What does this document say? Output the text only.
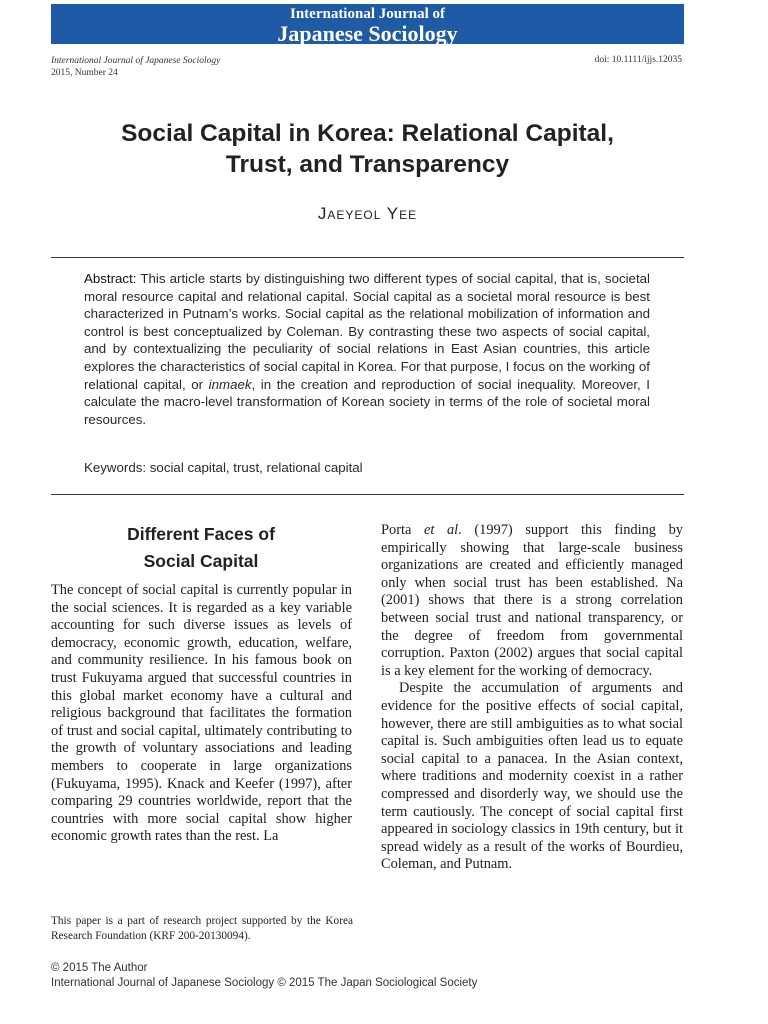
International Journal of
Japanese Sociology
International Journal of Japanese Sociology
2015, Number 24
doi: 10.1111/ijjs.12035
Social Capital in Korea: Relational Capital,
Trust, and Transparency
Jaeyeol Yee
Abstract: This article starts by distinguishing two different types of social capital, that is, societal moral resource capital and relational capital. Social capital as a societal moral resource is best characterized in Putnam’s works. Social capital as the relational mobilization of information and control is best conceptualized by Coleman. By contrasting these two aspects of social capital, and by contextualizing the peculiarity of social relations in East Asian countries, this article explores the characteristics of social capital in Korea. For that purpose, I focus on the working of relational capital, or inmaek, in the creation and reproduction of social inequality. Moreover, I calculate the macro-level transformation of Korean society in terms of the role of societal moral resources.
Keywords: social capital, trust, relational capital
Different Faces of
Social Capital

The concept of social capital is currently popular in the social sciences. It is regarded as a key variable accounting for such diverse issues as levels of democracy, economic growth, education, welfare, and community resilience. In his famous book on trust Fukuyama argued that successful countries in this global market economy have a cultural and religious background that facilitates the formation of trust and social capital, ultimately contributing to the growth of voluntary associations and leading members to cooperate in large organizations (Fukuyama, 1995). Knack and Keefer (1997), after comparing 29 countries worldwide, report that the countries with more social capital show higher economic growth rates than the rest. La

Porta et al. (1997) support this finding by empirically showing that large-scale business organizations are created and efficiently managed only when social trust has been established. Na (2001) shows that there is a strong correlation between social trust and national transparency, or the degree of freedom from governmental corruption. Paxton (2002) argues that social capital is a key element for the working of democracy.

Despite the accumulation of arguments and evidence for the positive effects of social capital, however, there are still ambiguities as to what social capital is. Such ambiguities often lead us to equate social capital to a panacea. In the Asian context, where traditions and modernity coexist in a rather compressed and disorderly way, we should use the term cautiously. The concept of social capital first appeared in sociology classics in 19th century, but it spread widely as a result of the works of Bourdieu, Coleman, and Putnam.

This paper is a part of research project supported by the Korea Research Foundation (KRF 200-20130094).
© 2015 The Author
International Journal of Japanese Sociology © 2015 The Japan Sociological Society
